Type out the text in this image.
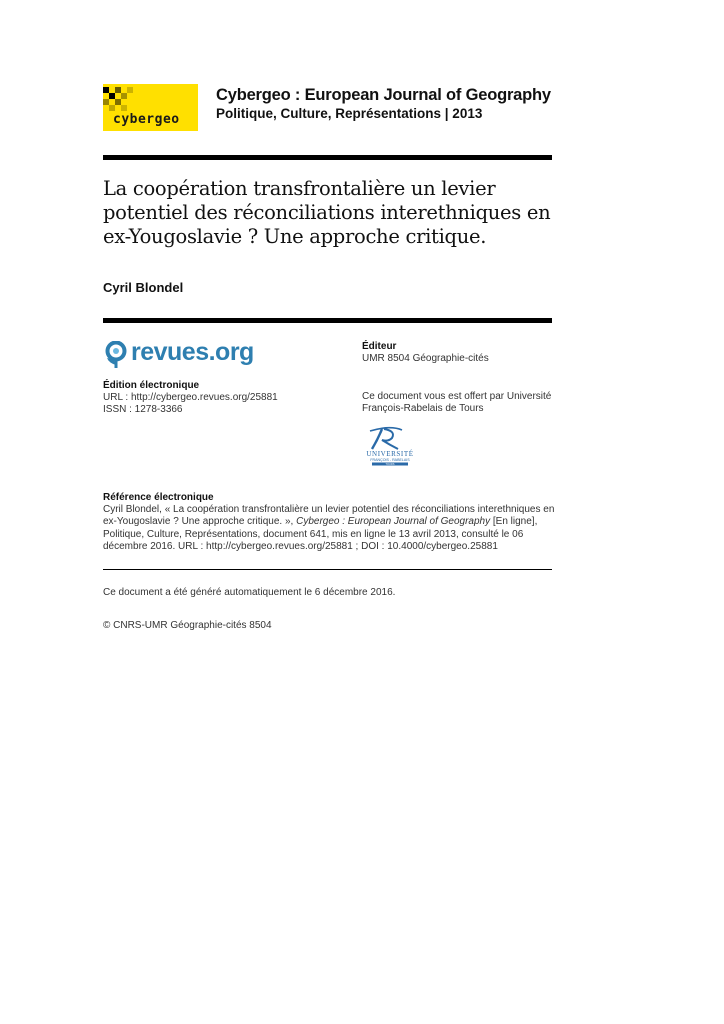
cybergeo
Cybergeo : European Journal of Geography
Politique, Culture, Représentations | 2013
La coopération transfrontalière un levier potentiel des réconciliations interethniques en ex-Yougoslavie ? Une approche critique.
Cyril Blondel
revues.org
Édition électronique
URL : http://cybergeo.revues.org/25881
ISSN : 1278-3366
Éditeur
UMR 8504 Géographie-cités
Ce document vous est offert par Université François-Rabelais de Tours
UNIVERSITÉ
FRANÇOIS - RABELAIS
TOURS
Référence électronique
Cyril Blondel, « La coopération transfrontalière un levier potentiel des réconciliations interethniques en ex-Yougoslavie ? Une approche critique. », Cybergeo : European Journal of Geography [En ligne], Politique, Culture, Représentations, document 641, mis en ligne le 13 avril 2013, consulté le 06 décembre 2016. URL : http://cybergeo.revues.org/25881 ; DOI : 10.4000/cybergeo.25881
Ce document a été généré automatiquement le 6 décembre 2016.
© CNRS-UMR Géographie-cités 8504
